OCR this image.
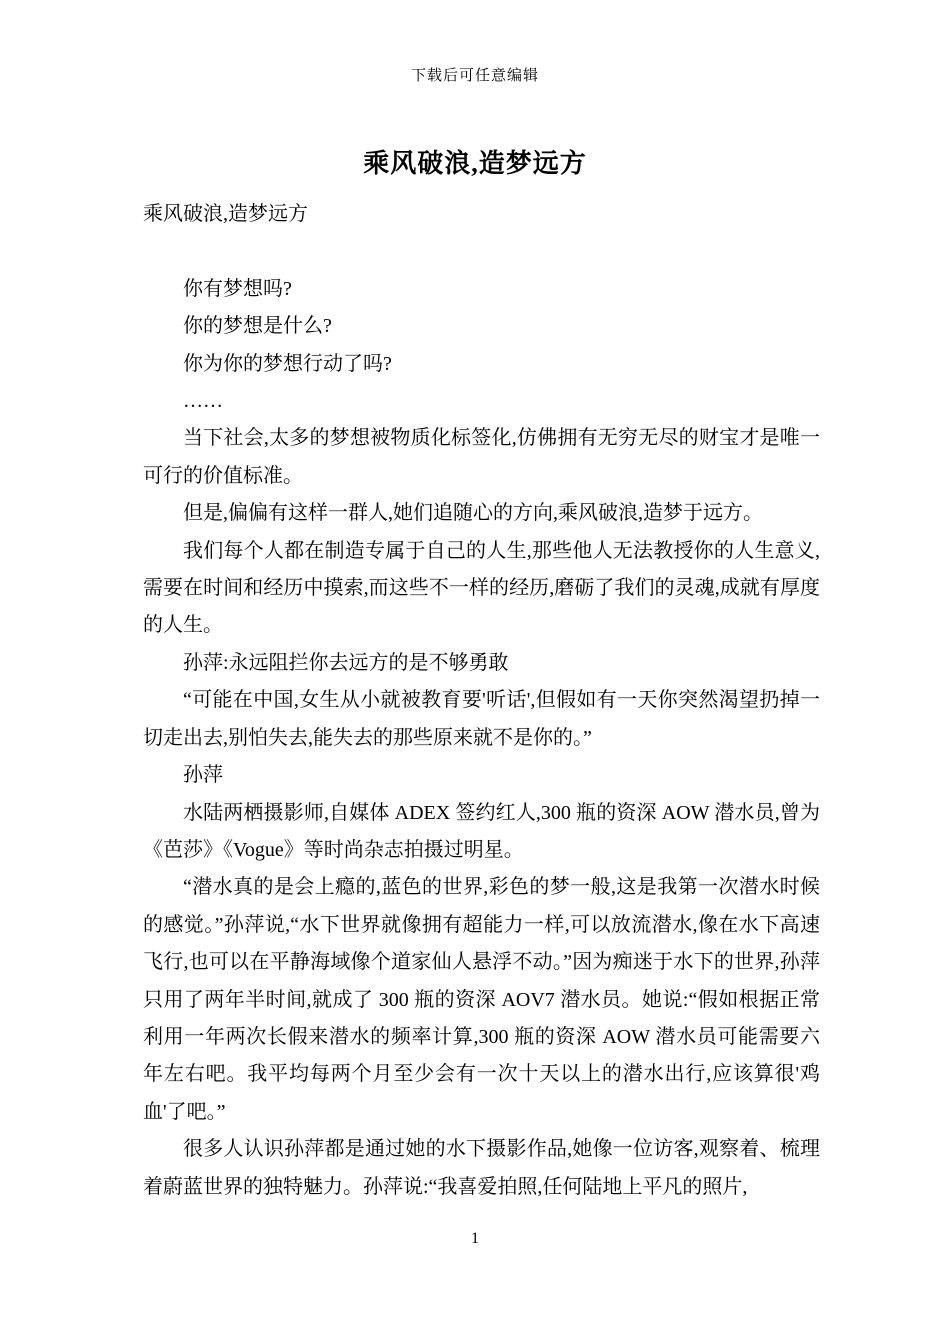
下载后可任意编辑
乘风破浪,造梦远方

乘风破浪,造梦远方

你有梦想吗?

你的梦想是什么?

你为你的梦想行动了吗?

……

当下社会,太多的梦想被物质化标签化,仿佛拥有无穷无尽的财宝才是唯一可行的价值标准。

但是,偏偏有这样一群人,她们追随心的方向,乘风破浪,造梦于远方。

我们每个人都在制造专属于自己的人生,那些他人无法教授你的人生意义,需要在时间和经历中摸索,而这些不一样的经历,磨砺了我们的灵魂,成就有厚度的人生。

孙萍:永远阻拦你去远方的是不够勇敢

“可能在中国,女生从小就被教育要'听话',但假如有一天你突然渴望扔掉一切走出去,别怕失去,能失去的那些原来就不是你的。”

孙萍

水陆两栖摄影师,自媒体 ADEX 签约红人,300 瓶的资深 AOW 潜水员,曾为《芭莎》《Vogue》等时尚杂志拍摄过明星。

“潜水真的是会上瘾的,蓝色的世界,彩色的梦一般,这是我第一次潜水时候的感觉。”孙萍说,“水下世界就像拥有超能力一样,可以放流潜水,像在水下高速飞行,也可以在平静海域像个道家仙人悬浮不动。”因为痴迷于水下的世界,孙萍只用了两年半时间,就成了 300 瓶的资深 AOV7 潜水员。她说:“假如根据正常利用一年两次长假来潜水的频率计算,300 瓶的资深 AOW 潜水员可能需要六年左右吧。我平均每两个月至少会有一次十天以上的潜水出行,应该算很'鸡血'了吧。”

很多人认识孙萍都是通过她的水下摄影作品,她像一位访客,观察着、梳理着蔚蓝世界的独特魅力。孙萍说:“我喜爱拍照,任何陆地上平凡的照片,

1
